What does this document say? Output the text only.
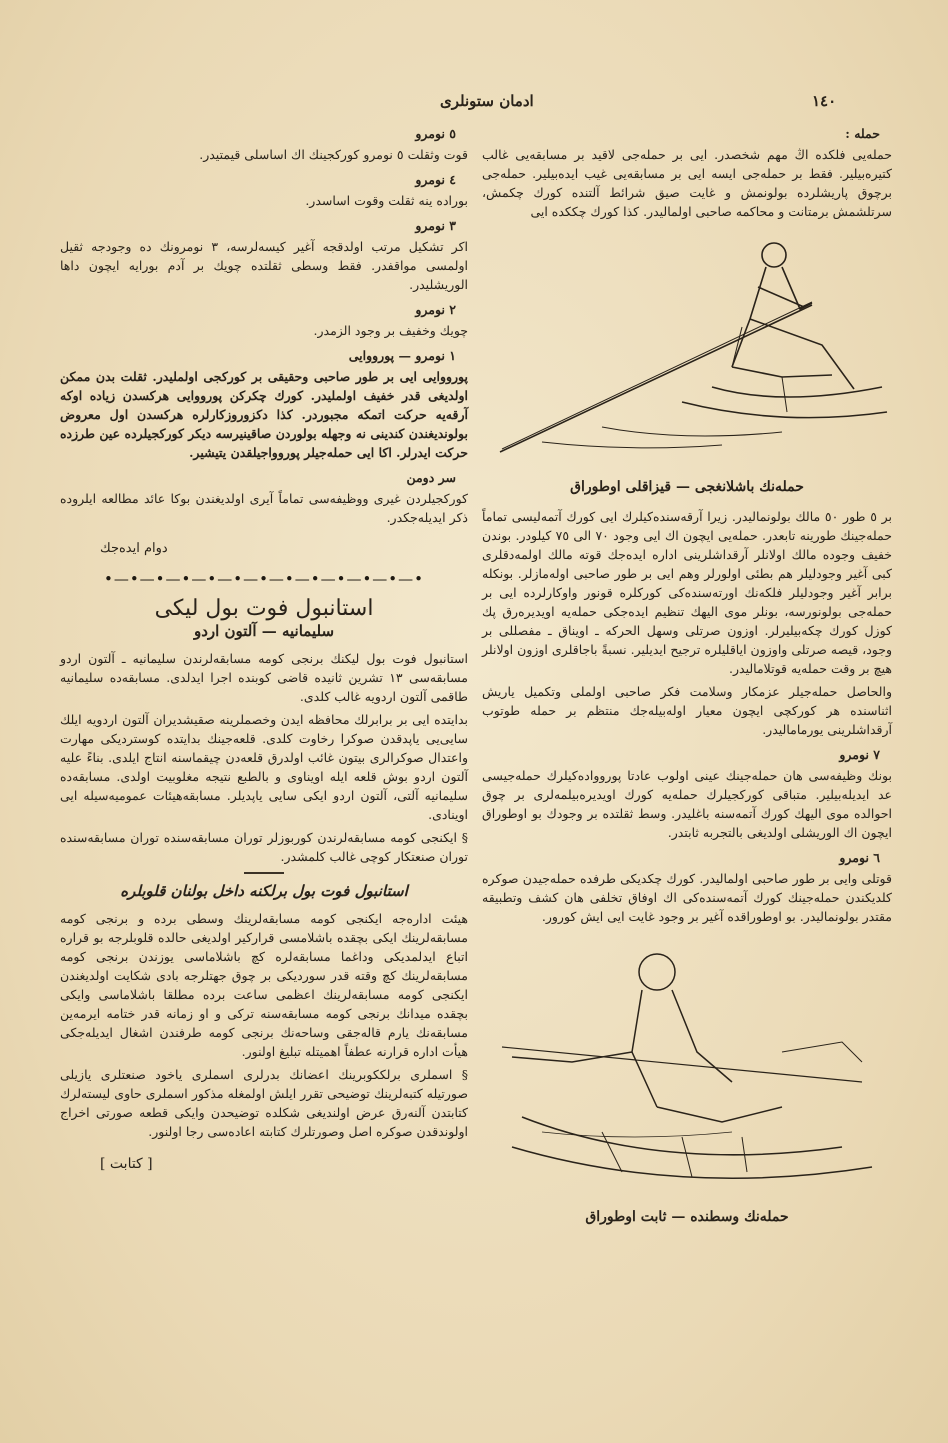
ادمان ستونلری	١٤٠
حمله :

حمله‌یی فلکده‌ اڭ مهم شخصدر. ایی بر حمله‌جی لاقید بر مسابقه‌یی غالب کتیره‌بیلیر. فقط بر حمله‌جی ایسه ایی بر مسابقه‌یی غیب ایده‌بیلیر. حمله‌جی برچوق پاریشلرده بولونمش و غایت صیق شرائط آلتنده کورك چکمش، سرتلشمش برمتانت و محاکمه صاحبی اولمالیدر. کذا کورك چککده ایی

حمله‌نك باشلانغجی — قیزاقلی اوطوراق

بر ٥ طور ٥٠ مالك بولونمالیدر. زیرا آرقه‌سنده‌کیلرك ایی کورك آتمه‌لیسی تماماً حمله‌جینك طورینه تابعدر. حمله‌یی ایچون اك ایی وجود ٧٠ الی ٧٥ کیلودر. بوندن خفیف وجوده مالك اولانلر آرقداشلرینی اداره ایده‌جك قوته مالك اولمه‌دقلری کبی آغیر وجودلیلر هم بطئی اولورلر وهم ایی بر طور صاحبی اوله‌مازلر. بونکله برابر آغیر وجودلیلر فلکه‌نك اورته‌سنده‌کی کورکلره قونور واوکارلرده ایی بر حمله‌جی بولونورسه، بونلر موی الیهك تنظیم ایده‌جکی حمله‌یه اویدیره‌رق پك کوزل کورك چکه‌بیلیرلر. اوزون صرتلی وسهل الحرکه ـ اویناق ـ مفصللی بر وجود، قیصه صرتلی واوزون ایاقلیلره ترجیح ایدیلیر. نسبةً باجاقلری اوزون اولانلر هیچ بر وقت حمله‌یه قوتلامالیدر.

والحاصل حمله‌جیلر عزمکار وسلامت فکر صاحبی اولملی وتکمیل یاریش اثناسنده هر کورکچی ایچون معیار اوله‌بیله‌جك منتظم بر حمله طوتوب آرقداشلرینی یورمامالیدر.

٧ نومرو

بونك وظیفه‌سی هان حمله‌جینك عینی اولوب عادتا پورووادەکیلرك حمله‌جیسی عد ایدیله‌بیلیر. متباقی کورکجیلرك حمله‌یه کورك اویدیره‌بیلمه‌لری بر چوق احوالده موی الیهك کورك آتمه‌سنه باغلیدر. وسط ثقلتده بر وجودك بو اوطوراق ایچون اك الوریشلی اولدیغی بالتجربه ثابتدر.

٦ نومرو

قوتلی وایی بر طور صاحبی اولمالیدر. کورك چکدیکی طرفده حمله‌جیدن صوکره کلدیکندن حمله‌جینك کورك آتمه‌سنده‌کی اك اوفاق تخلفی هان کشف وتطبیقه مقتدر بولونمالیدر. بو اوطوراقده آغیر بر وجود غایت ایی ایش کورور.

حمله‌نك وسطنده — ثابت اوطوراق
٥ نومرو

قوت وثقلت ٥ نومرو کورکجینك اك اساسلی قیمتیدر.

٤ نومرو

بوراده ینه ثقلت وقوت اساسدر.

٣ نومرو

اکر تشکیل مرتب اولدقجه آغیر کیسه‌لرسه، ٣ نومرونك ده وجودجه ثقیل اولمسی مواقفدر. فقط وسطی ثقلتده چویك بر آدم بورایه ایچون داها الوریشلیدر.

٢ نومرو

چویك وخفیف بر وجود الزمدر.

١ نومرو — پورووایی

پورووایی ایی بر طور صاحبی وحقیقی بر کورکجی اولملیدر. ثقلت بدن ممکن اولدیغی قدر خفیف اولملیدر. کورك چکرکن پورووایی هرکسدن زیاده اوکه آرقه‌یه حرکت اتمکه مجبوردر. کذا دکزوروزکارلره هرکسدن اول معروض بولوندیغندن کندینی نه وجهله بولوردن صاقینیرسه دیکر کورکجیلرده عین طرزده حرکت ایدرلر. اکا ایی حمله‌جیلر پوروواجیلقدن یتیشیر.

سر دومن

کورکجیلردن غیری ووظیفه‌سی تماماً آیری اولدیغندن بوکا عائد مطالعه ایلروده ذکر ایدیله‌جکدر.

دوام ایده‌جك
•—•—•—•—•—•—•—•—•—•—•—•—•
استانبول فوت بول لیکی
سلیمانیه — آلتون اردو

استانبول فوت بول لیکنك برنجی کومه مسابقه‌لرندن سلیمانیه ـ آلتون اردو مسابقه‌سی ١٣ تشرین ثانیده قاضی کوبنده اجرا ایدلدی. مسابقه‌ده سلیمانیه طاقمی آلتون اردویه غالب کلدی.

بدایتده ایی بر برابرلك محافظه ایدن وخصملرینه صقیشدیران آلتون اردویه ایلك سایی‌یی یاپدقدن صوکرا رخاوت کلدی. قلعه‌جینك بدایتده کوستردیکی مهارت واعتدال صوکرالری بیتون غائب اولدرق قلعه‌دن چیقماسنه انتاج ایلدی. بناءً علیه آلتون اردو بوش قلعه ایله اویناوی و بالطبع نتیجه مغلوبیت اولدی. مسابقه‌ده سلیمانیه آلتی، آلتون اردو ایکی سایی یاپدیلر. مسابقه‌هیئات عمومیه‌سیله ایی اوینادی.

§ ایکنجی کومه مسابقه‌لرندن کوربوزلر توران مسابقه‌سنده توران مسابقه‌سنده توران صنعتکار کوچی غالب کلمشدر.

استانبول فوت بول برلکنه داخل بولنان قلوبلره

هیئت اداره‌جه ایکنجی کومه مسابقه‌لرینك وسطی برده و برنجی کومه مسابقه‌لرینك ایکی بچقده باشلامسی قرارکیر اولدیغی حالده قلوبلرجه بو قراره اتباع ایدلمدیکی وداغما مسابقه‌لره کچ باشلاماسی یوزندن برنجی کومه مسابقه‌لرینك کچ وقته قدر سوردیکی بر چوق جهتلرجه بادی شکایت اولدیغندن ایکنجی کومه مسابقه‌لرینك اعظمی ساعت برده مطلقا باشلاماسی وایکی بچقده میدانك برنجی کومه مسابقه‌سنه ترکی و او زمانه قدر ختامه ایرمه‌ین مسابقه‌نك یارم قاله‌جقی وساحه‌نك برنجی کومه طرفندن اشغال ایدیله‌جکی هیأت اداره قرارنه عطفاً اهمیتله تبلیغ اولنور.

§ اسملری برلککوبرینك اعضانك بدرلری اسملری یاخود صنعتلری یازیلی صورتیله کتبه‌لرینك توضیحی تقرر ایلش اولمغله مذکور اسملری حاوی لیسته‌لرك کتابتدن آلنه‌رق عرض اولندیغی شکلده توضیحدن وایکی قطعه صورتی اخراج اولوندقدن صوکره اصل وصورتلرك کتابته اعاده‌سی رجا اولنور.

[ کتابت ]
